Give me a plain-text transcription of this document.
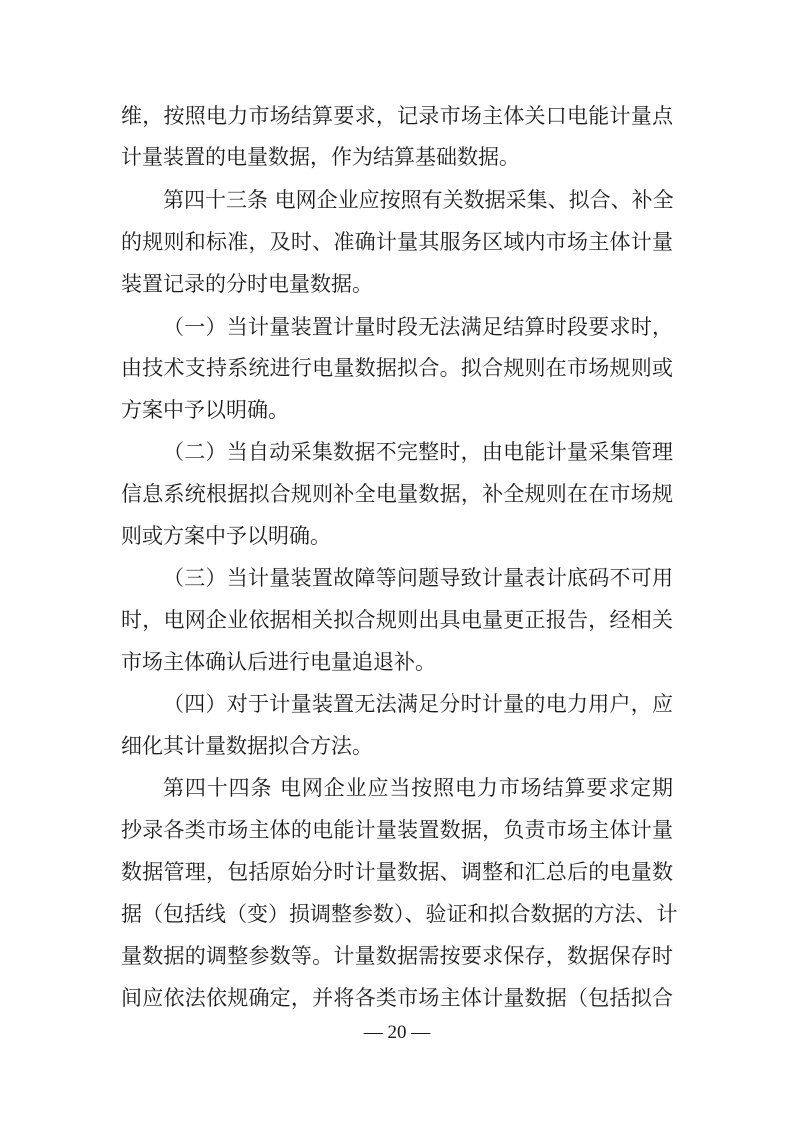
维，按照电力市场结算要求，记录市场主体关口电能计量点
计量装置的电量数据，作为结算基础数据。
第四十三条 电网企业应按照有关数据采集、拟合、补全
的规则和标准，及时、准确计量其服务区域内市场主体计量
装置记录的分时电量数据。
（一）当计量装置计量时段无法满足结算时段要求时，
由技术支持系统进行电量数据拟合。拟合规则在市场规则或
方案中予以明确。
（二）当自动采集数据不完整时，由电能计量采集管理
信息系统根据拟合规则补全电量数据，补全规则在在市场规
则或方案中予以明确。
（三）当计量装置故障等问题导致计量表计底码不可用
时，电网企业依据相关拟合规则出具电量更正报告，经相关
市场主体确认后进行电量追退补。
（四）对于计量装置无法满足分时计量的电力用户，应
细化其计量数据拟合方法。
第四十四条 电网企业应当按照电力市场结算要求定期
抄录各类市场主体的电能计量装置数据，负责市场主体计量
数据管理，包括原始分时计量数据、调整和汇总后的电量数
据（包括线（变）损调整参数）、验证和拟合数据的方法、计
量数据的调整参数等。计量数据需按要求保存，数据保存时
间应依法依规确定，并将各类市场主体计量数据（包括拟合
— 20 —
